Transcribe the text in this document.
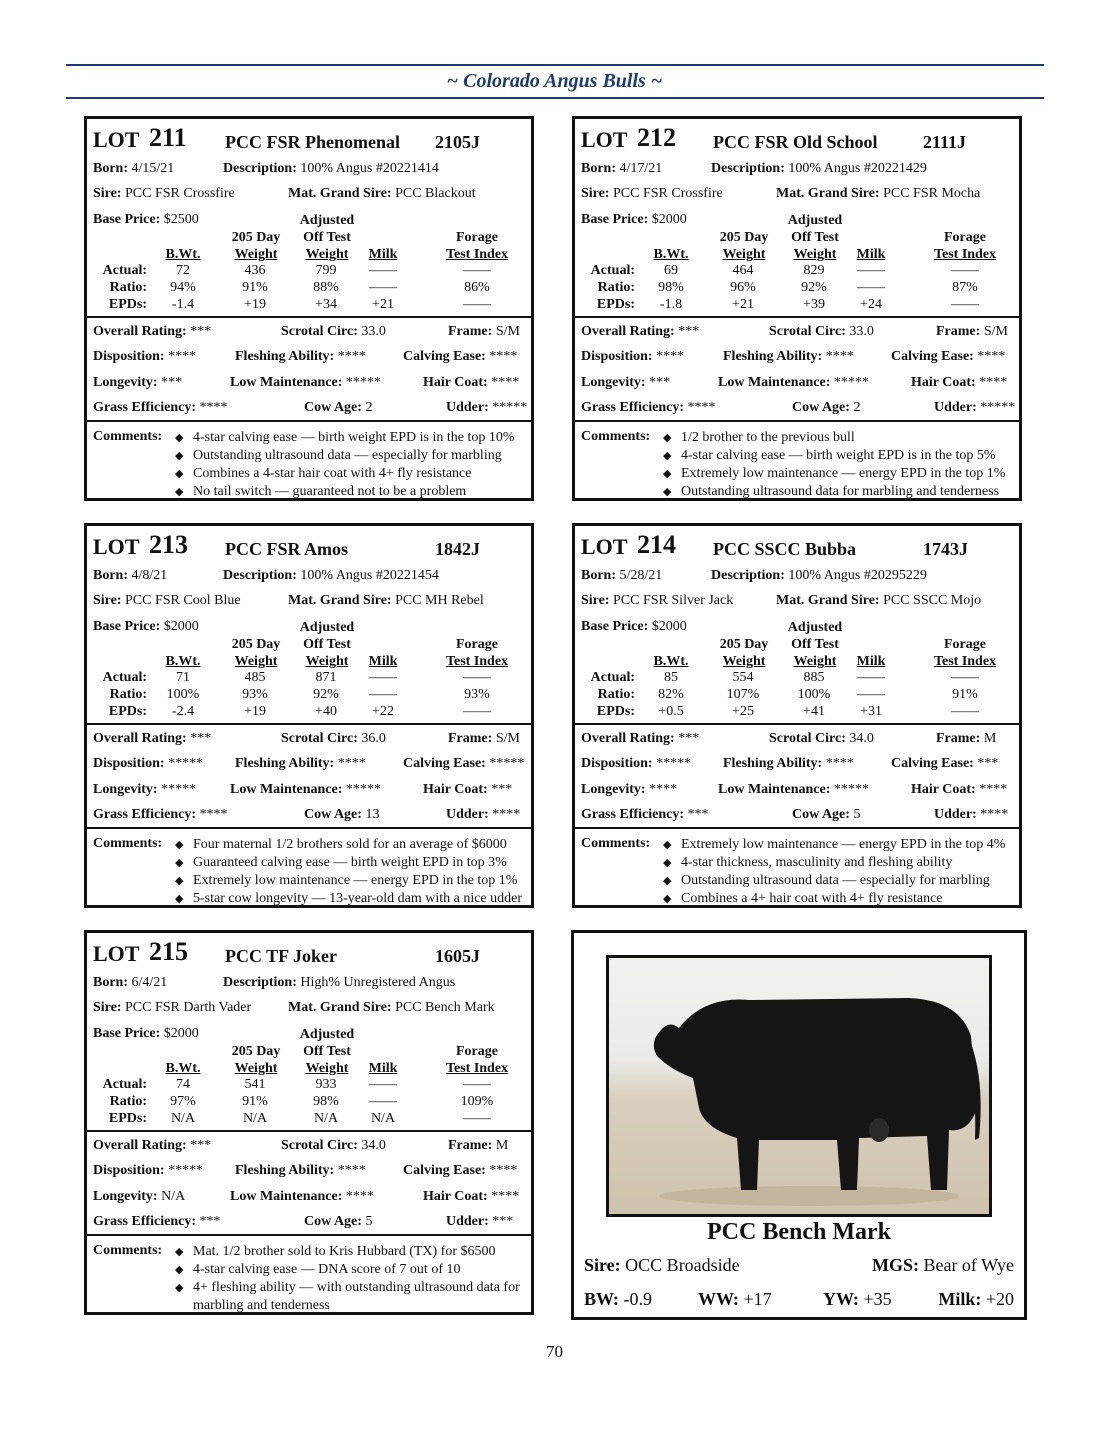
~ Colorado Angus Bulls ~
LOT 211 PCC FSR Phenomenal 2105J
Born: 4/15/21	Description: 100% Angus #20221414
Sire: PCC FSR Crossfire	Mat. Grand Sire: PCC Blackout
Base Price: $2500	Adjusted
205 Day	Off Test	Forage
B.Wt.	Weight	Weight	Milk	Test Index
Actual:	72	436	799	——	——
Ratio:	94%	91%	88%	——	86%
EPDs:	-1.4	+19	+34	+21	——
Overall Rating: ***	Scrotal Circ: 33.0	Frame: S/M
Disposition: ****	Fleshing Ability: ****	Calving Ease: ****
Longevity: ***	Low Maintenance: *****	Hair Coat: ****
Grass Efficiency: ****	Cow Age: 2	Udder: *****
Comments: ◆ 4-star calving ease — birth weight EPD is in the top 10%
◆ Outstanding ultrasound data — especially for marbling
◆ Combines a 4-star hair coat with 4+ fly resistance
◆ No tail switch — guaranteed not to be a problem
LOT 212 PCC FSR Old School	2111J
Born: 4/17/21	Description: 100% Angus #20221429
Sire: PCC FSR Crossfire	Mat. Grand Sire: PCC FSR Mocha
Base Price: $2000	Adjusted
205 Day	Off Test	Forage
B.Wt.	Weight	Weight	Milk	Test Index
Actual:	69	464	829	——	——
Ratio:	98%	96%	92%	——	87%
EPDs:	-1.8	+21	+39	+24	——
Overall Rating: ***	Scrotal Circ: 33.0	Frame: S/M
Disposition: ****	Fleshing Ability: ****	Calving Ease: ****
Longevity: ***	Low Maintenance: *****	Hair Coat: ****
Grass Efficiency: ****	Cow Age: 2	Udder: *****
Comments: ◆ 1/2 brother to the previous bull
◆ 4-star calving ease — birth weight EPD is in the top 5%
◆ Extremely low maintenance — energy EPD in the top 1%
◆ Outstanding ultrasound data for marbling and tenderness
LOT 213 PCC FSR Amos	1842J
Born: 4/8/21	Description: 100% Angus #20221454
Sire: PCC FSR Cool Blue	Mat. Grand Sire: PCC MH Rebel
Base Price: $2000	Adjusted
205 Day	Off Test	Forage
B.Wt.	Weight	Weight	Milk	Test Index
Actual:	71	485	871	——	——
Ratio:	100%	93%	92%	——	93%
EPDs:	-2.4	+19	+40	+22	——
Overall Rating: ***	Scrotal Circ: 36.0	Frame: S/M
Disposition: ***** Fleshing Ability: ****	Calving Ease: *****
Longevity: ***** Low Maintenance: *****	Hair Coat: ***
Grass Efficiency: ****	Cow Age: 13	Udder: ****
Comments: ◆ Four maternal 1/2 brothers sold for an average of $6000
◆ Guaranteed calving ease — birth weight EPD in top 3%
◆ Extremely low maintenance — energy EPD in the top 1%
◆ 5-star cow longevity — 13-year-old dam with a nice udder
LOT 214 PCC SSCC Bubba	1743J
Born: 5/28/21	Description: 100% Angus #20295229
Sire: PCC FSR Silver Jack	Mat. Grand Sire: PCC SSCC Mojo
Base Price: $2000	Adjusted
205 Day	Off Test	Forage
B.Wt.	Weight	Weight	Milk	Test Index
Actual:	85	554	885	——	——
Ratio:	82%	107%	100%	——	91%
EPDs:	+0.5	+25	+41	+31	——
Overall Rating: ***	Scrotal Circ: 34.0	Frame: M
Disposition: ***** Fleshing Ability: ****	Calving Ease: ***
Longevity: ****	Low Maintenance: *****	Hair Coat: ****
Grass Efficiency: ***	Cow Age: 5	Udder: ****
Comments: ◆ Extremely low maintenance — energy EPD in the top 4%
◆ 4-star thickness, masculinity and fleshing ability
◆ Outstanding ultrasound data — especially for marbling
◆ Combines a 4+ hair coat with 4+ fly resistance
LOT 215 PCC TF Joker	1605J
Born: 6/4/21	Description: High% Unregistered Angus
Sire: PCC FSR Darth Vader	Mat. Grand Sire: PCC Bench Mark
Base Price: $2000	Adjusted
205 Day	Off Test	Forage
B.Wt.	Weight	Weight	Milk	Test Index
Actual:	74	541	933	——	——
Ratio:	97%	91%	98%	——	109%
EPDs:	N/A	N/A	N/A	N/A	——
Overall Rating: ***	Scrotal Circ: 34.0	Frame: M
Disposition: ***** Fleshing Ability: ****	Calving Ease: ****
Longevity: N/A	Low Maintenance: ****	Hair Coat: ****
Grass Efficiency: ***	Cow Age: 5	Udder: ***
Comments: ◆ Mat. 1/2 brother sold to Kris Hubbard (TX) for $6500
◆ 4-star calving ease — DNA score of 7 out of 10
◆ 4+ fleshing ability — with outstanding ultrasound data for marbling and tenderness
PCC Bench Mark
Sire: OCC Broadside	MGS: Bear of Wye
BW: -0.9	WW: +17	YW: +35	Milk: +20
70
